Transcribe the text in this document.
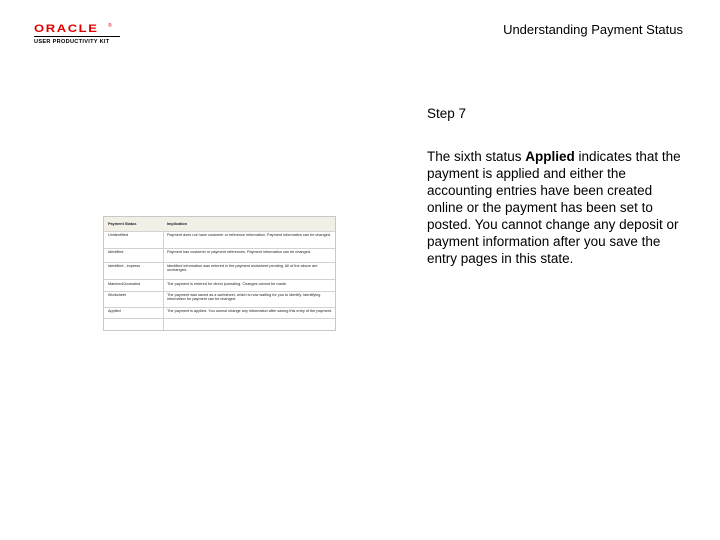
ORACLE	®
USER PRODUCTIVITY KIT
Understanding Payment Status
Step 7
The sixth status Applied indicates that the payment is applied and either the accounting entries have been created online or the payment has been set to posted. You cannot change any deposit or payment information after you save the entry pages in this state.
Payment Status	Implication
Unidentified	Payment does not have customer or reference information. Payment information can be changed.
Identified	Payment has customer or payment references. Payment information can be changed.
Identified - express	Identified information was entered in the payment worksheet pending. All of the above are unchanged.
Matched/Journaled	The payment is entered for direct journaling. Changes cannot be made.
Worksheet	The payment was saved as a worksheet, which is now waiting for you to identify. Identifying information for payment can be changed.
Applied	The payment is applied. You cannot change any information after saving this entry of the payment.
